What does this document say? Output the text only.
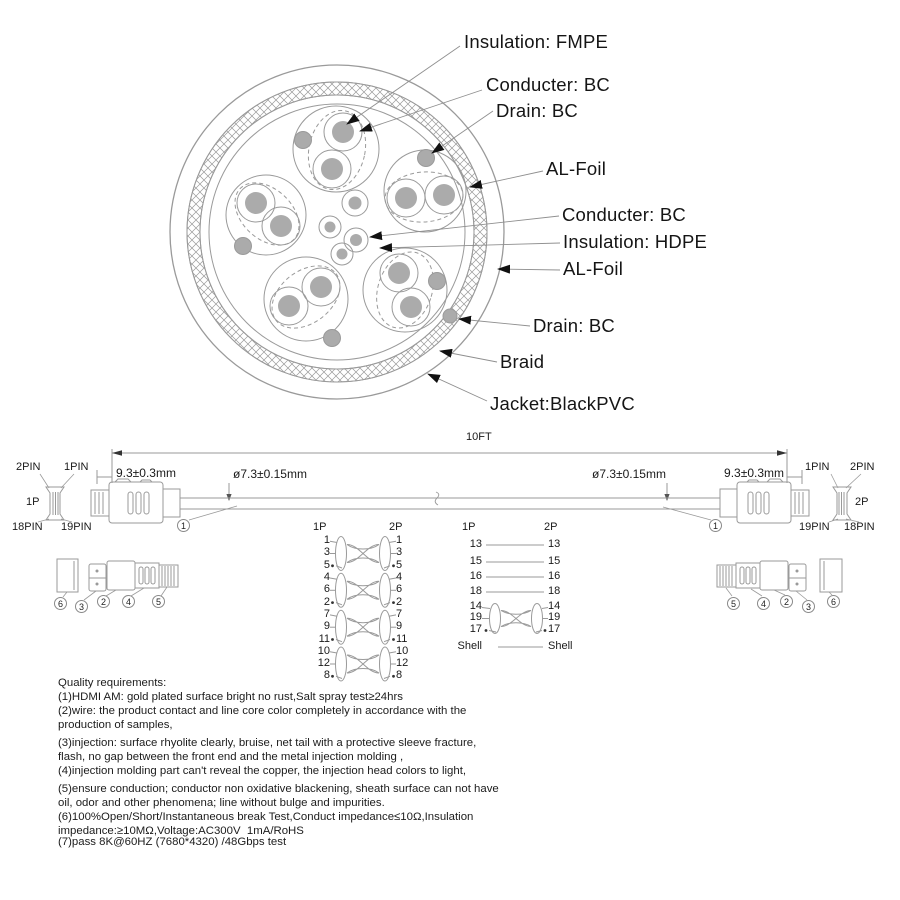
Insulation: FMPE
Conducter: BC
Drain: BC
AL-Foil
Conducter: BC
Insulation: HDPE
AL-Foil
Drain: BC
Braid
Jacket:BlackPVC
10FT
9.3±0.3mm	9.3±0.3mm
ø7.3±0.15mm	ø7.3±0.15mm
1	1
2PIN 1PIN
1P
18PIN 19PIN
1PIN 2PIN
2P
19PIN 18PIN
6	3	2	4	5	5	4	2	3	6
1P	2P	1P	2P
1	1
3	3
5	5
4	4
6	6
2	2
7	7
9	9
11	11
10	10
12	12
8	8
13	13
15	15
16	16
18	18
14	14
19	19
17	17
Shell	Shell
Quality requirements:
(1)HDMI AM: gold plated surface bright no rust,Salt spray test≥24hrs
(2)wire: the product contact and line core color completely in accordance with the
production of samples,
(3)injection: surface rhyolite clearly, bruise, net tail with a protective sleeve fracture,
flash, no gap between the front end and the metal injection molding ,
(4)injection molding part can't reveal the copper, the injection head colors to light,
(5)ensure conduction; conductor non oxidative blackening, sheath surface can not have
oil, odor and other phenomena; line without bulge and impurities.
(6)100%Open/Short/Instantaneous break Test,Conduct impedance≤10Ω,Insulation
impedance:≥10MΩ,Voltage:AC300V  1mA/RoHS
(7)pass 8K@60HZ (7680*4320) /48Gbps test
